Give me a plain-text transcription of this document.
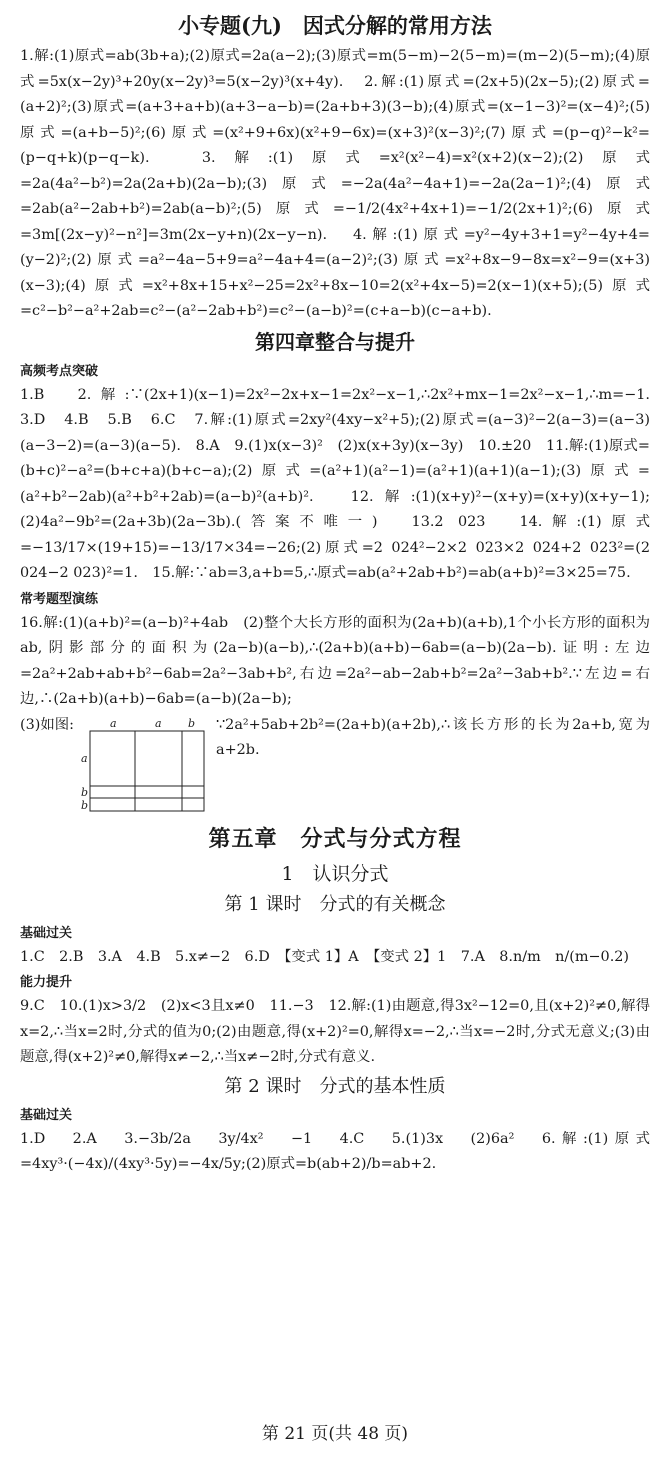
小专题(九)　因式分解的常用方法

1.解:(1)原式=ab(3b+a);(2)原式=2a(a−2);(3)原式=m(5−m)−2(5−m)=(m−2)(5−m);(4)原式=5x(x−2y)³+20y(x−2y)³=5(x−2y)³(x+4y).　2.解:(1)原式=(2x+5)(2x−5);(2)原式=(a+2)²;(3)原式=(a+3+a+b)(a+3−a−b)=(2a+b+3)(3−b);(4)原式=(x−1−3)²=(x−4)²;(5)原式=(a+b−5)²;(6)原式=(x²+9+6x)(x²+9−6x)=(x+3)²(x−3)²;(7)原式=(p−q)²−k²=(p−q+k)(p−q−k).　3.解:(1)原式=x²(x²−4)=x²(x+2)(x−2);(2)原式=2a(4a²−b²)=2a(2a+b)(2a−b);(3)原式=−2a(4a²−4a+1)=−2a(2a−1)²;(4)原式=2ab(a²−2ab+b²)=2ab(a−b)²;(5)原式=−1/2(4x²+4x+1)=−1/2(2x+1)²;(6)原式=3m[(2x−y)²−n²]=3m(2x−y+n)(2x−y−n).　4.解:(1)原式=y²−4y+3+1=y²−4y+4=(y−2)²;(2)原式=a²−4a−5+9=a²−4a+4=(a−2)²;(3)原式=x²+8x−9−8x=x²−9=(x+3)(x−3);(4)原式=x²+8x+15+x²−25=2x²+8x−10=2(x²+4x−5)=2(x−1)(x+5);(5)原式=c²−b²−a²+2ab=c²−(a²−2ab+b²)=c²−(a−b)²=(c+a−b)(c−a+b).

第四章整合与提升
高频考点突破

1.B　2.解:∵(2x+1)(x−1)=2x²−2x+x−1=2x²−x−1,∴2x²+mx−1=2x²−x−1,∴m=−1.　3.D　4.B　5.B　6.C　7.解:(1)原式=2xy²(4xy−x²+5);(2)原式=(a−3)²−2(a−3)=(a−3)(a−3−2)=(a−3)(a−5).　8.A　9.(1)x(x−3)²　(2)x(x+3y)(x−3y)　10.±20　11.解:(1)原式=(b+c)²−a²=(b+c+a)(b+c−a);(2)原式=(a²+1)(a²−1)=(a²+1)(a+1)(a−1);(3)原式=(a²+b²−2ab)(a²+b²+2ab)=(a−b)²(a+b)².　12.解:(1)(x+y)²−(x+y)=(x+y)(x+y−1);(2)4a²−9b²=(2a+3b)(2a−3b).(答案不唯一)　13.2 023　14.解:(1)原式=−13/17×(19+15)=−13/17×34=−26;(2)原式=2 024²−2×2 023×2 024+2 023²=(2 024−2 023)²=1.　15.解:∵ab=3,a+b=5,∴原式=ab(a²+2ab+b²)=ab(a+b)²=3×25=75.

常考题型演练

16.解:(1)(a+b)²=(a−b)²+4ab　(2)整个大长方形的面积为(2a+b)(a+b),1个小长方形的面积为ab,阴影部分的面积为(2a−b)(a−b),∴(2a+b)(a+b)−6ab=(a−b)(2a−b).证明:左边=2a²+2ab+ab+b²−6ab=2a²−3ab+b²,右边=2a²−ab−2ab+b²=2a²−3ab+b².∵左边=右边,∴(2a+b)(a+b)−6ab=(a−b)(2a−b);

(3)如图:	a	a b
a
b
b
∵2a²+5ab+2b²=(2a+b)(a+2b),∴该长方形的长为2a+b,宽为a+2b.
第五章　分式与分式方程
1　认识分式
第 1 课时　分式的有关概念
基础过关

1.C　2.B　3.A　4.B　5.x≠−2　6.D　【变式 1】A　【变式 2】1　7.A　8.n/m　n/(m−0.2)

能力提升

9.C　10.(1)x>3/2　(2)x<3且x≠0　11.−3　12.解:(1)由题意,得3x²−12=0,且(x+2)²≠0,解得x=2,∴当x=2时,分式的值为0;(2)由题意,得(x+2)²=0,解得x=−2,∴当x=−2时,分式无意义;(3)由题意,得(x+2)²≠0,解得x≠−2,∴当x≠−2时,分式有意义.

第 2 课时　分式的基本性质
基础过关

1.D　2.A　3.−3b/2a　3y/4x²　−1　4.C　5.(1)3x　(2)6a²　6.解:(1)原式=4xy³·(−4x)/(4xy³·5y)=−4x/5y;(2)原式=b(ab+2)/b=ab+2.

第 21 页(共 48 页)
